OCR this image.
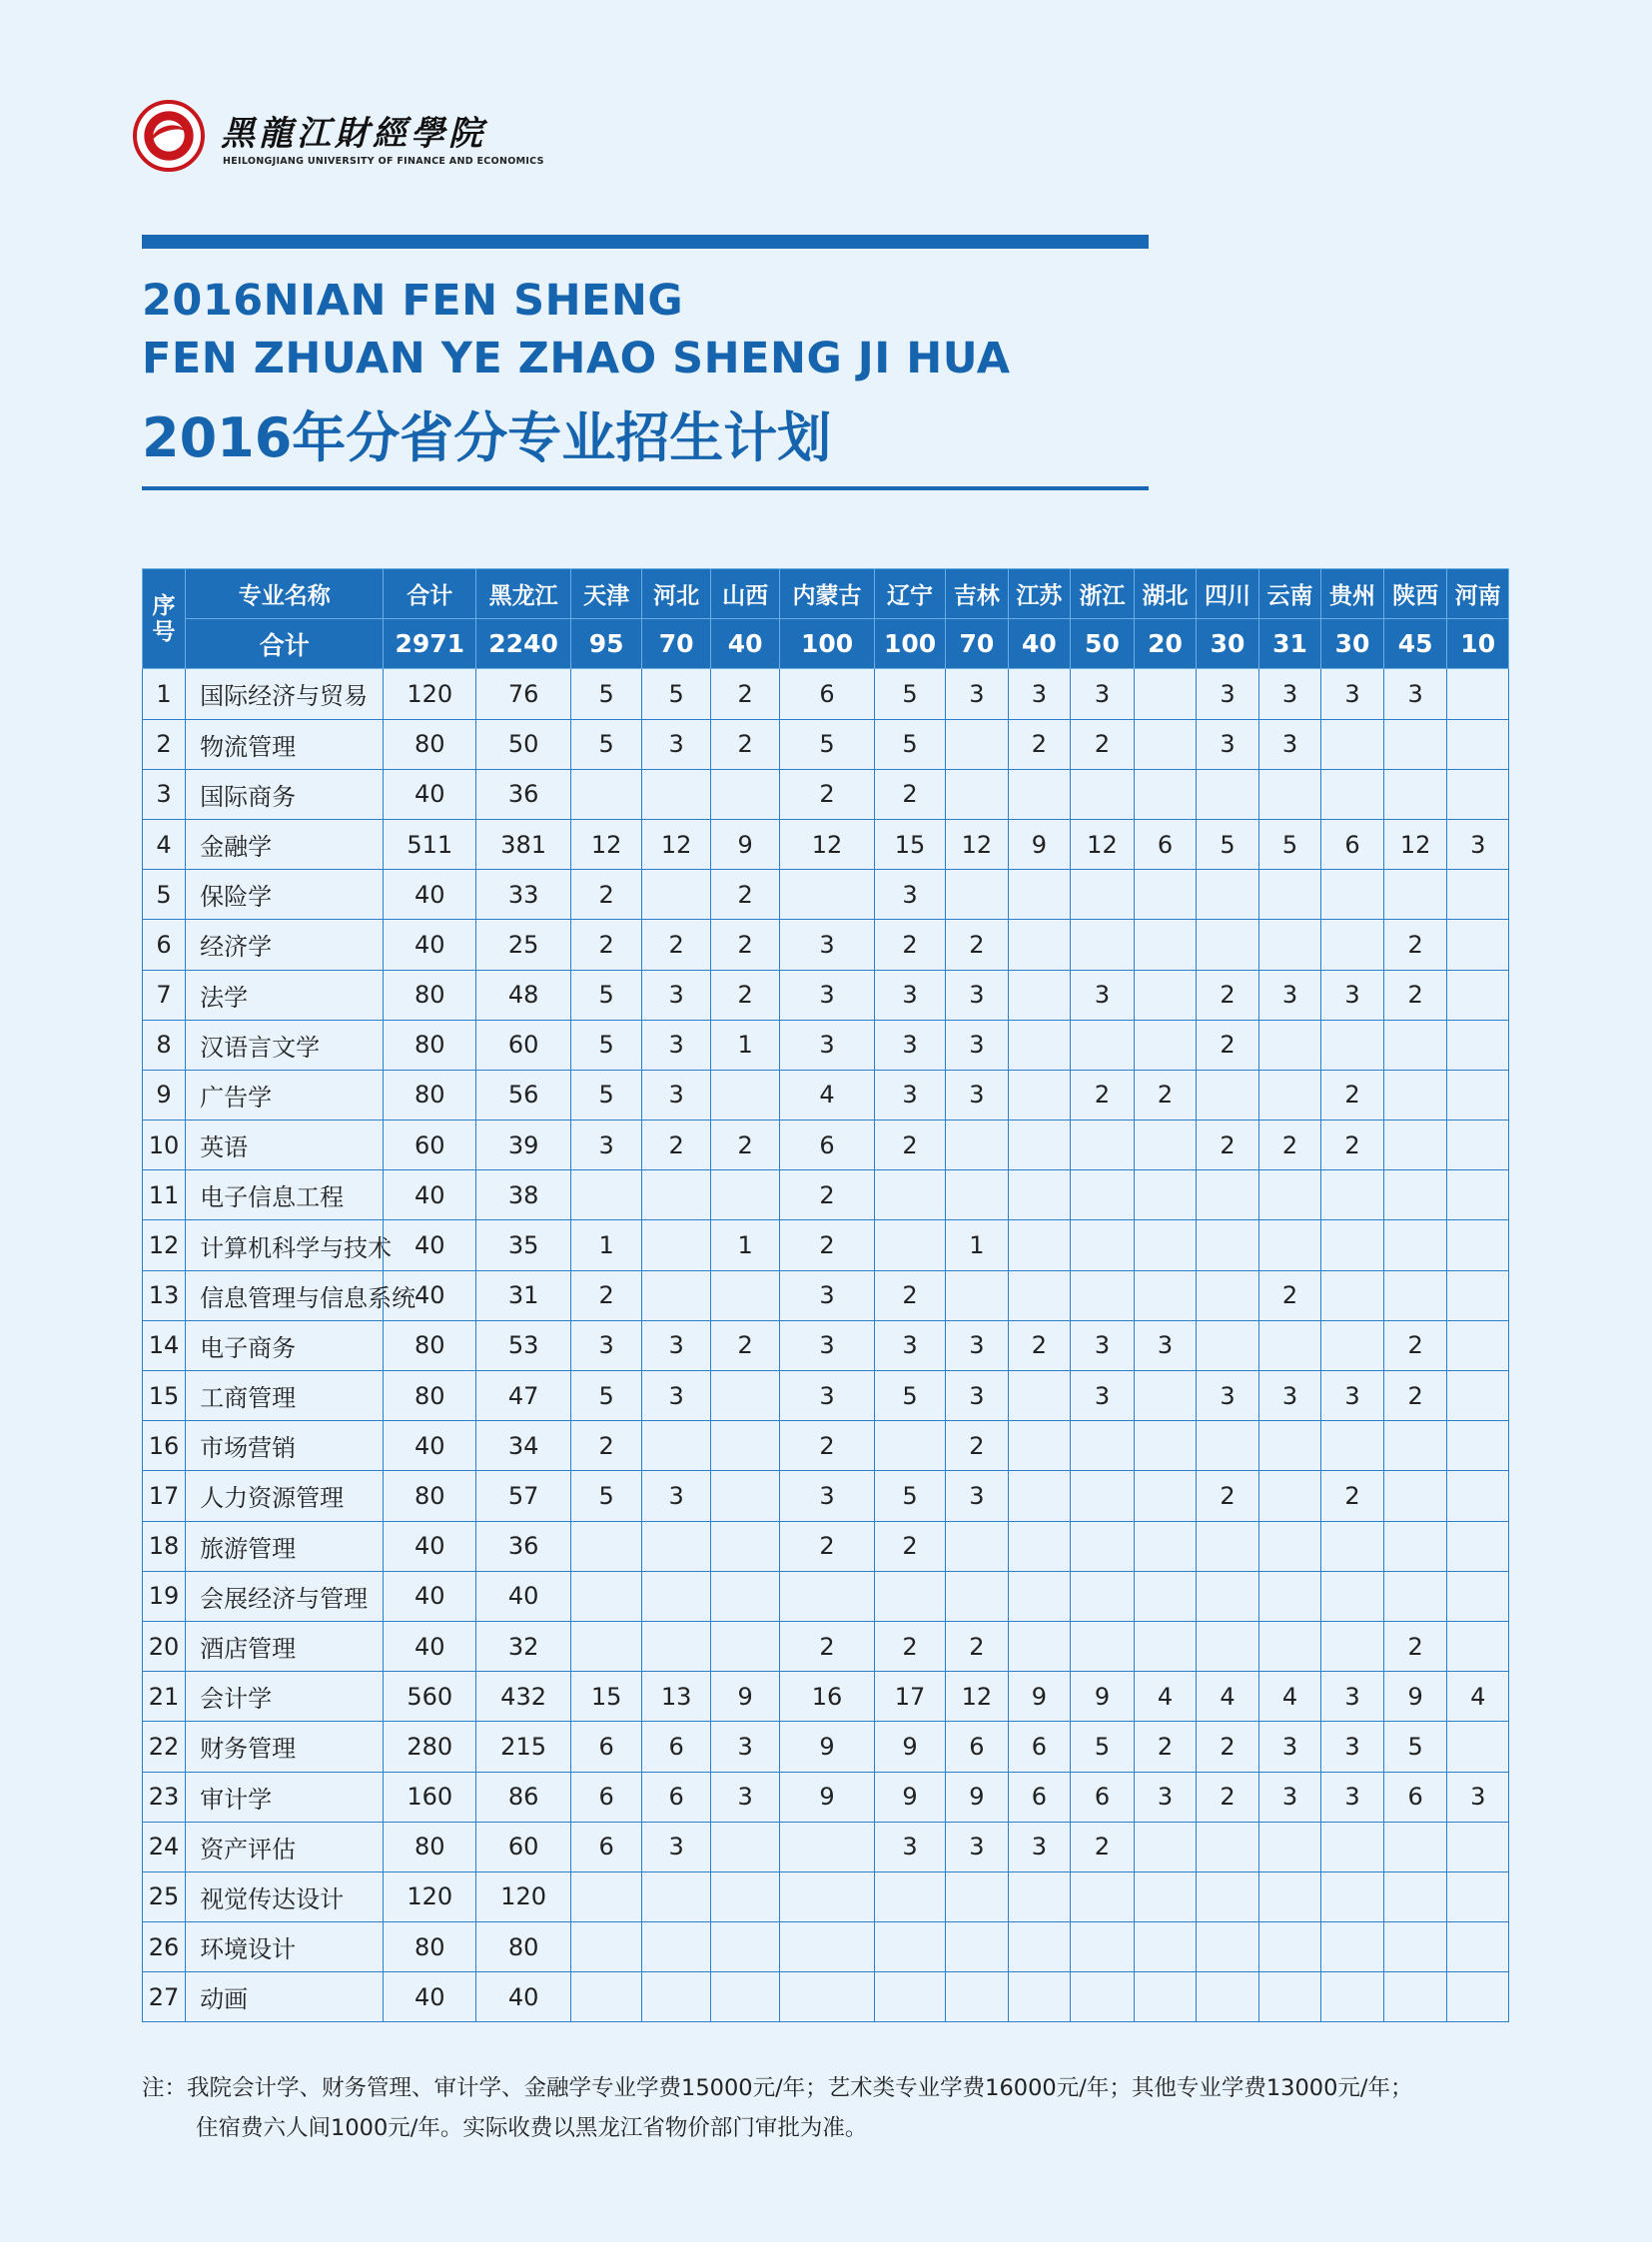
黑龍江財經學院
HEILONGJIANG UNIVERSITY OF FINANCE AND ECONOMICS
2016NIAN FEN SHENG
FEN ZHUAN YE ZHAO SHENG JI HUA
2016年分省分专业招生计划
序号	专业名称	合计	黑龙江	天津	河北	山西	内蒙古	辽宁	吉林	江苏	浙江	湖北	四川	云南	贵州	陕西	河南
	合计	2971	2240	95	70	40	100	100	70	40	50	20	30	31	30	45	10
1	国际经济与贸易	120	76	5	5	2	6	5	3	3	3		3	3	3	3	
2	物流管理	80	50	5	3	2	5	5		2	2		3	3			
3	国际商务	40	36				2	2									
4	金融学	511	381	12	12	9	12	15	12	9	12	6	5	5	6	12	3
5	保险学	40	33	2		2		3									
6	经济学	40	25	2	2	2	3	2	2							2	
7	法学	80	48	5	3	2	3	3	3		3		2	3	3	2	
8	汉语言文学	80	60	5	3	1	3	3	3				2				
9	广告学	80	56	5	3		4	3	3		2	2			2		
10	英语	60	39	3	2	2	6	2					2	2	2		
11	电子信息工程	40	38				2										
12	计算机科学与技术	40	35	1		1	2		1								
13	信息管理与信息系统	40	31	2			3	2						2			
14	电子商务	80	53	3	3	2	3	3	3	2	3	3				2	
15	工商管理	80	47	5	3		3	5	3		3		3	3	3	2	
16	市场营销	40	34	2			2		2								
17	人力资源管理	80	57	5	3		3	5	3				2		2		
18	旅游管理	40	36				2	2									
19	会展经济与管理	40	40														
20	酒店管理	40	32				2	2	2							2	
21	会计学	560	432	15	13	9	16	17	12	9	9	4	4	4	3	9	4
22	财务管理	280	215	6	6	3	9	9	6	6	5	2	2	3	3	5	
23	审计学	160	86	6	6	3	9	9	9	6	6	3	2	3	3	6	3
24	资产评估	80	60	6	3			3	3	3	2						
25	视觉传达设计	120	120														
26	环境设计	80	80														
27	动画	40	40														

注：我院会计学、财务管理、审计学、金融学专业学费15000元/年；艺术类专业学费16000元/年；其他专业学费13000元/年；

住宿费六人间1000元/年。实际收费以黑龙江省物价部门审批为准。
